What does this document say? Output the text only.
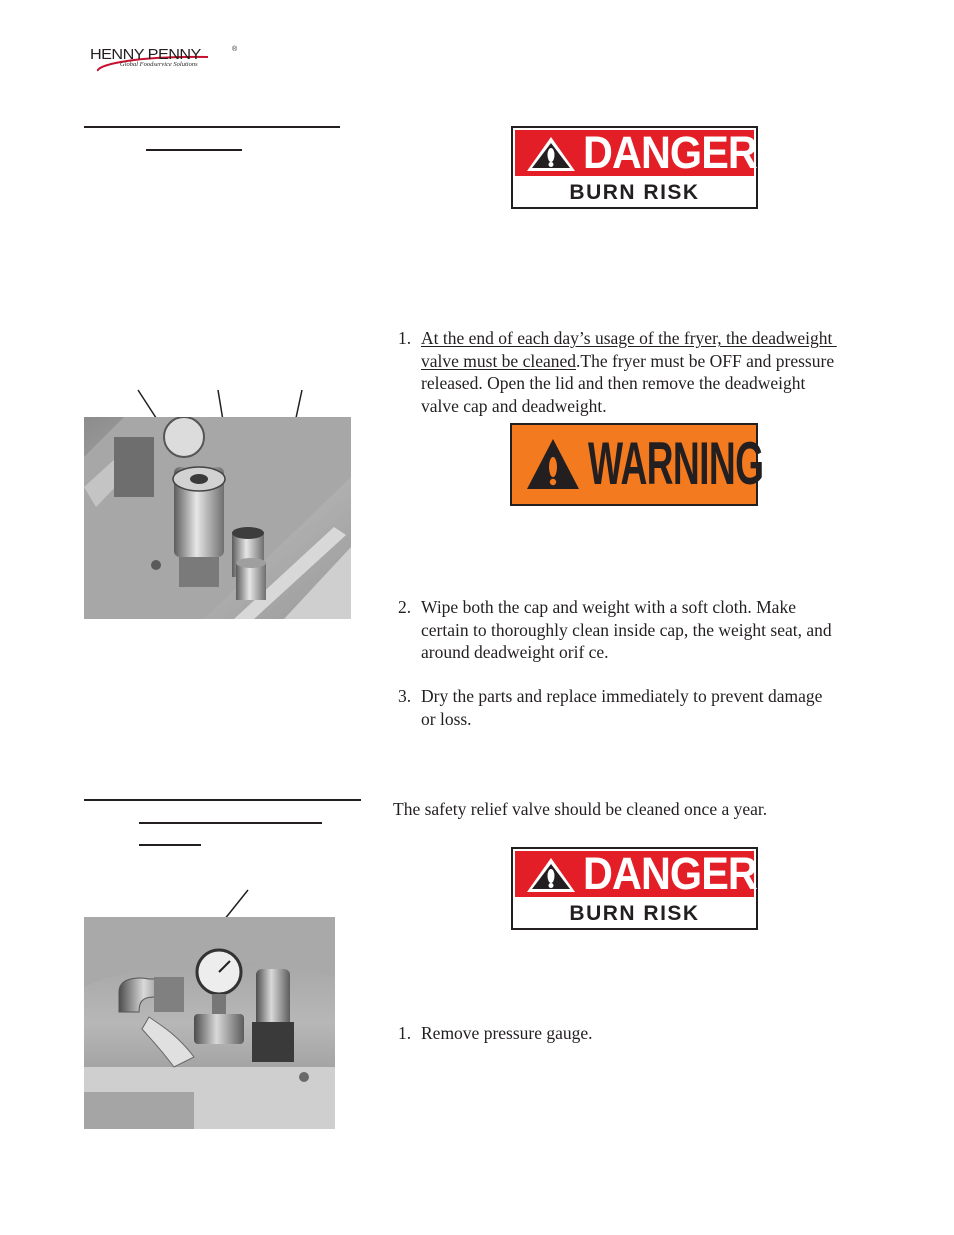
HENNY PENNY	®
Global Foodservice Solutions
DANGER
BURN RISK
1. At the end of each day’s usage of the fryer, the deadweight
valve must be cleaned.The fryer must be OFF and pressure
released. Open the lid and then remove the deadweight
valve cap and deadweight.
WARNING
2. Wipe both the cap and weight with a soft cloth. Make
certain to thoroughly clean inside cap, the weight seat, and
around deadweight orif ce.
3. Dry the parts and replace immediately to prevent damage
or loss.
The safety relief valve should be cleaned once a year.
DANGER
BURN RISK
1. Remove pressure gauge.
